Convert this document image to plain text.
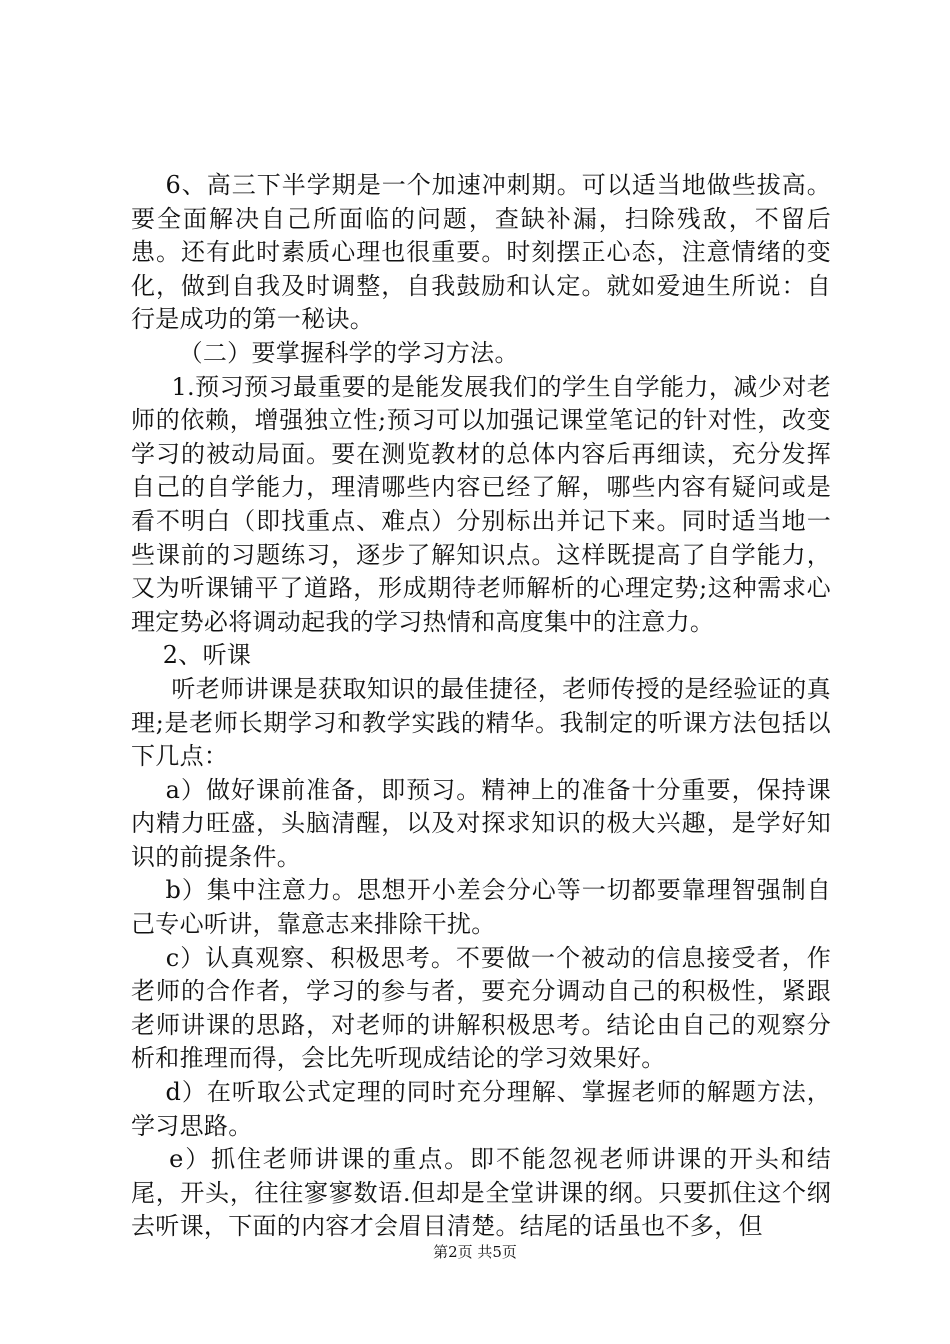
6、高三下半学期是一个加速冲刺期。可以适当地做些拔高。要全面解决自己所面临的问题，查缺补漏，扫除残敌，不留后患。还有此时素质心理也很重要。时刻摆正心态，注意情绪的变化，做到自我及时调整，自我鼓励和认定。就如爱迪生所说：自行是成功的第一秘诀。

（二）要掌握科学的学习方法。

1.预习预习最重要的是能发展我们的学生自学能力，减少对老师的依赖，增强独立性;预习可以加强记课堂笔记的针对性，改变学习的被动局面。要在测览教材的总体内容后再细读，充分发挥自己的自学能力，理清哪些内容已经了解，哪些内容有疑问或是看不明白（即找重点、难点）分别标出并记下来。同时适当地一些课前的习题练习，逐步了解知识点。这样既提高了自学能力，又为听课铺平了道路，形成期待老师解析的心理定势;这种需求心理定势必将调动起我的学习热情和高度集中的注意力。

2、听课

听老师讲课是获取知识的最佳捷径，老师传授的是经验证的真理;是老师长期学习和教学实践的精华。我制定的听课方法包括以下几点：

a）做好课前准备，即预习。精神上的准备十分重要，保持课内精力旺盛，头脑清醒，以及对探求知识的极大兴趣，是学好知识的前提条件。

b）集中注意力。思想开小差会分心等一切都要靠理智强制自己专心听讲，靠意志来排除干扰。

c）认真观察、积极思考。不要做一个被动的信息接受者，作老师的合作者，学习的参与者，要充分调动自己的积极性，紧跟老师讲课的思路，对老师的讲解积极思考。结论由自己的观察分析和推理而得，会比先听现成结论的学习效果好。

d）在听取公式定理的同时充分理解、掌握老师的解题方法，学习思路。

e）抓住老师讲课的重点。即不能忽视老师讲课的开头和结尾，开头，往往寥寥数语.但却是全堂讲课的纲。只要抓住这个纲去听课，下面的内容才会眉目清楚。结尾的话虽也不多，但

第2页 共5页
